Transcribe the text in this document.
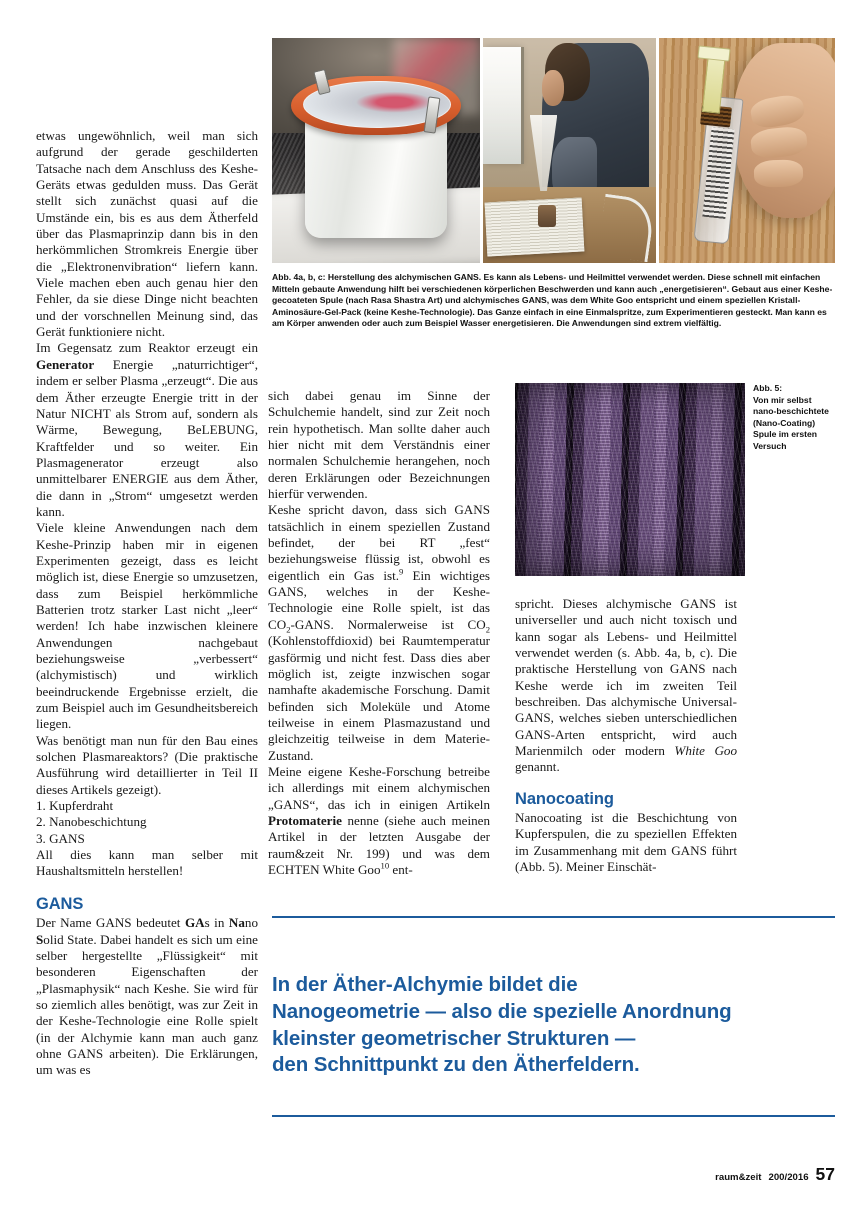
etwas ungewöhnlich, weil man sich aufgrund der gerade geschilderten Tatsache nach dem Anschluss des Keshe-Geräts etwas gedulden muss. Das Gerät stellt sich zunächst quasi auf die Umstände ein, bis es aus dem Ätherfeld über das Plasmaprinzip dann bis in den herkömmlichen Stromkreis Energie über die „Elektronenvibration“ liefern kann. Viele machen eben auch genau hier den Fehler, da sie diese Dinge nicht beachten und der vorschnellen Meinung sind, das Gerät funktioniere nicht.

Im Gegensatz zum Reaktor erzeugt ein Generator Energie „naturrichtiger“, indem er selber Plasma „erzeugt“. Die aus dem Äther erzeugte Energie tritt in der Natur NICHT als Strom auf, sondern als Wärme, Bewegung, BeLEBUNG, Kraftfelder und so weiter. Ein Plasmagenerator erzeugt also unmittelbarer ENERGIE aus dem Äther, die dann in „Strom“ umgesetzt werden kann.

Viele kleine Anwendungen nach dem Keshe-Prinzip haben mir in eigenen Experimenten gezeigt, dass es leicht möglich ist, diese Energie so umzusetzen, dass zum Beispiel herkömmliche Batterien trotz starker Last nicht „leer“ werden! Ich habe inzwischen kleinere Anwendungen nachgebaut beziehungsweise „verbessert“ (alchymistisch) und wirklich beeindruckende Ergebnisse erzielt, die zum Beispiel auch im Gesundheitsbereich liegen.

Was benötigt man nun für den Bau eines solchen Plasmareaktors? (Die praktische Ausführung wird detaillierter in Teil II dieses Artikels gezeigt).

1. Kupferdraht

2. Nanobeschichtung

3. GANS

All dies kann man selber mit Haushaltsmitteln herstellen!

GANS

Der Name GANS bedeutet GAs in Nano Solid State. Dabei handelt es sich um eine selber hergestellte „Flüssigkeit“ mit besonderen Eigenschaften der „Plasmaphysik“ nach Keshe. Sie wird für so ziemlich alles benötigt, was zur Zeit in der Keshe-Technologie eine Rolle spielt (in der Alchymie kann man auch ganz ohne GANS arbeiten). Die Erklärungen, um was es

Abb. 4a, b, c: Herstellung des alchymischen GANS. Es kann als Lebens- und Heilmittel verwendet werden. Diese schnell mit einfachen Mitteln gebaute Anwendung hilft bei verschiedenen körperlichen Beschwerden und kann auch „energetisieren“. Gebaut aus einer Keshe-gecoateten Spule (nach Rasa Shastra Art) und alchymisches GANS, was dem White Goo entspricht und einem speziellen Kristall-Aminosäure-Gel-Pack (keine Keshe-Technologie). Das Ganze einfach in eine Einmalspritze, zum Experimentieren gesteckt. Man kann es am Körper anwenden oder auch zum Beispiel Wasser energetisieren. Die Anwendungen sind extrem vielfältig.

sich dabei genau im Sinne der Schulchemie handelt, sind zur Zeit noch rein hypothetisch. Man sollte daher auch hier nicht mit dem Verständnis einer normalen Schulchemie herangehen, noch deren Erklärungen oder Bezeichnungen hierfür verwenden.

Keshe spricht davon, dass sich GANS tatsächlich in einem speziellen Zustand befindet, der bei RT „fest“ beziehungsweise flüssig ist, obwohl es eigentlich ein Gas ist.$^9$ Ein wichtiges GANS, welches in der Keshe-Technologie eine Rolle spielt, ist das $CO_2$-GANS. Normalerweise ist $CO_2$ (Kohlenstoffdioxid) bei Raumtemperatur gasförmig und nicht fest. Dass dies aber möglich ist, zeigte inzwischen sogar namhafte akademische Forschung. Damit befinden sich Moleküle und Atome teilweise in einem Plasmazustand und gleichzeitig teilweise in dem Materie-Zustand.

Meine eigene Keshe-Forschung betreibe ich allerdings mit einem alchymischen „GANS“, das ich in einigen Artikeln Protomaterie nenne (siehe auch meinen Artikel in der letzten Ausgabe der raum&zeit Nr. 199) und was dem ECHTEN White Goo$^{10}$ ent-

Abb. 5:
Von mir selbst
nano-beschichtete
(Nano-Coating)
Spule im ersten
Versuch

spricht. Dieses alchymische GANS ist universeller und auch nicht toxisch und kann sogar als Lebens- und Heilmittel verwendet werden (s. Abb. 4a, b, c). Die praktische Herstellung von GANS nach Keshe werde ich im zweiten Teil beschreiben. Das alchymische Universal-GANS, welches sieben unterschiedlichen GANS-Arten entspricht, wird auch Marienmilch oder modern White Goo genannt.

Nanocoating

Nanocoating ist die Beschichtung von Kupferspulen, die zu speziellen Effekten im Zusammenhang mit dem GANS führt (Abb. 5). Meiner Einschät-

In der Äther-Alchymie bildet die
Nanogeometrie — also die spezielle Anordnung
kleinster geometrischer Strukturen —
den Schnittpunkt zu den Ätherfeldern.
raum&zeit 200/2016 57
